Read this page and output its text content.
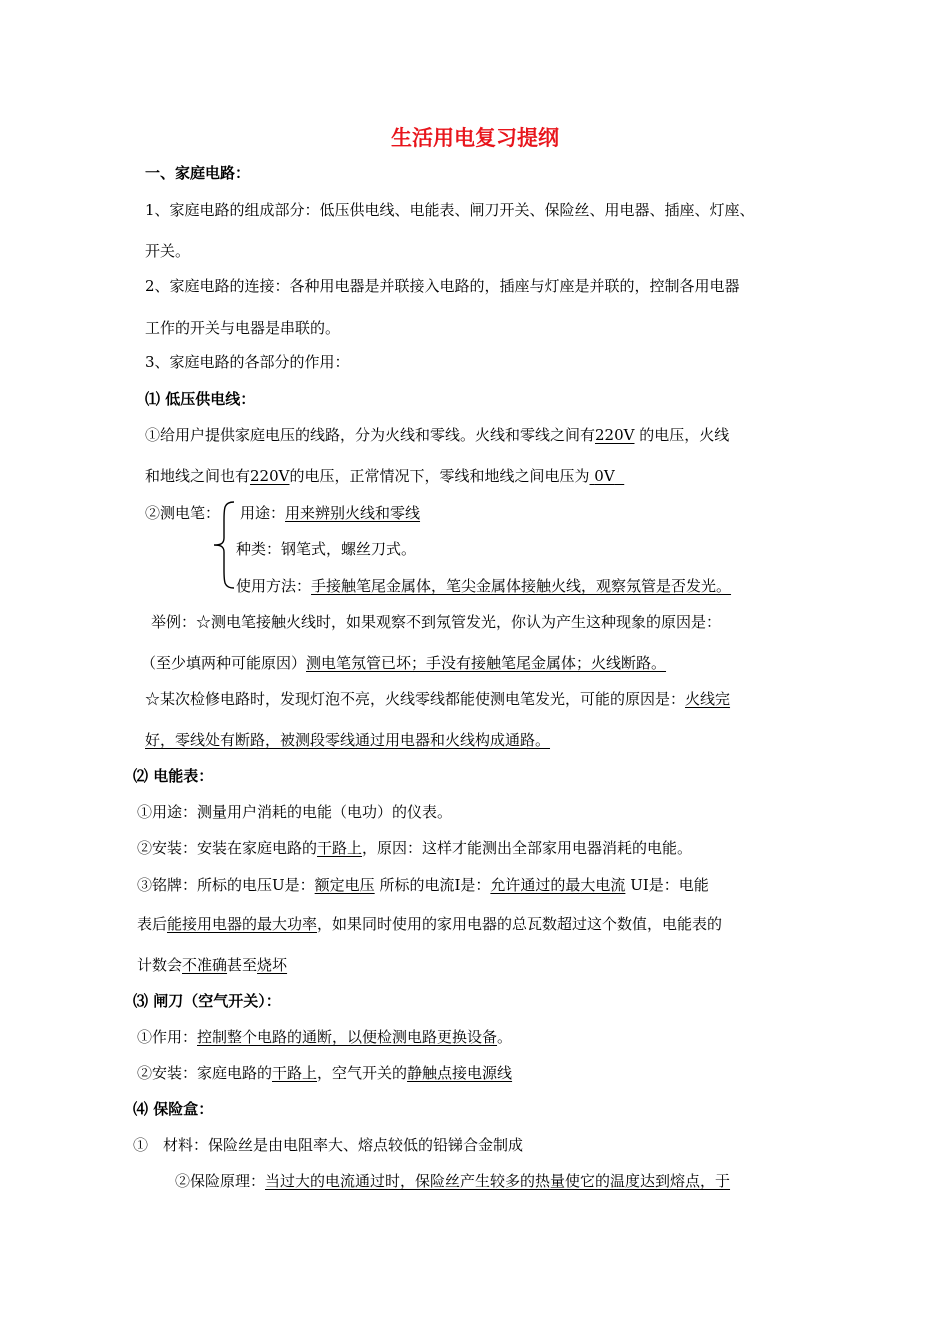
生活用电复习提纲
一、家庭电路：
1、家庭电路的组成部分：低压供电线、电能表、闸刀开关、保险丝、用电器、插座、灯座、
开关。
2、家庭电路的连接：各种用电器是并联接入电路的，插座与灯座是并联的，控制各用电器
工作的开关与电器是串联的。
3、家庭电路的各部分的作用：
⑴ 低压供电线：
①给用户提供家庭电压的线路，分为火线和零线。火线和零线之间有220V 的电压，火线
和地线之间也有220V的电压，正常情况下，零线和地线之间电压为 0V
②测电笔： 用途：用来辨别火线和零线
种类：钢笔式，螺丝刀式。
使用方法：手接触笔尾金属体，笔尖金属体接触火线，观察氖管是否发光。
举例：☆测电笔接触火线时，如果观察不到氖管发光，你认为产生这种现象的原因是：
（至少填两种可能原因）测电笔氖管已坏；手没有接触笔尾金属体；火线断路。
☆某次检修电路时，发现灯泡不亮，火线零线都能使测电笔发光，可能的原因是：火线完
好，零线处有断路，被测段零线通过用电器和火线构成通路。
⑵ 电能表：
①用途：测量用户消耗的电能（电功）的仪表。
②安装：安装在家庭电路的干路上，原因：这样才能测出全部家用电器消耗的电能。
③铭牌：所标的电压U是：额定电压 所标的电流I是：允许通过的最大电流 UI是：电能
表后能接用电器的最大功率，如果同时使用的家用电器的总瓦数超过这个数值，电能表的
计数会不准确甚至烧坏
⑶ 闸刀（空气开关）：
①作用：控制整个电路的通断，以便检测电路更换设备。
②安装：家庭电路的干路上，空气开关的静触点接电源线
⑷ 保险盒：
①　材料：保险丝是由电阻率大、熔点较低的铅锑合金制成
②保险原理：当过大的电流通过时，保险丝产生较多的热量使它的温度达到熔点，于
